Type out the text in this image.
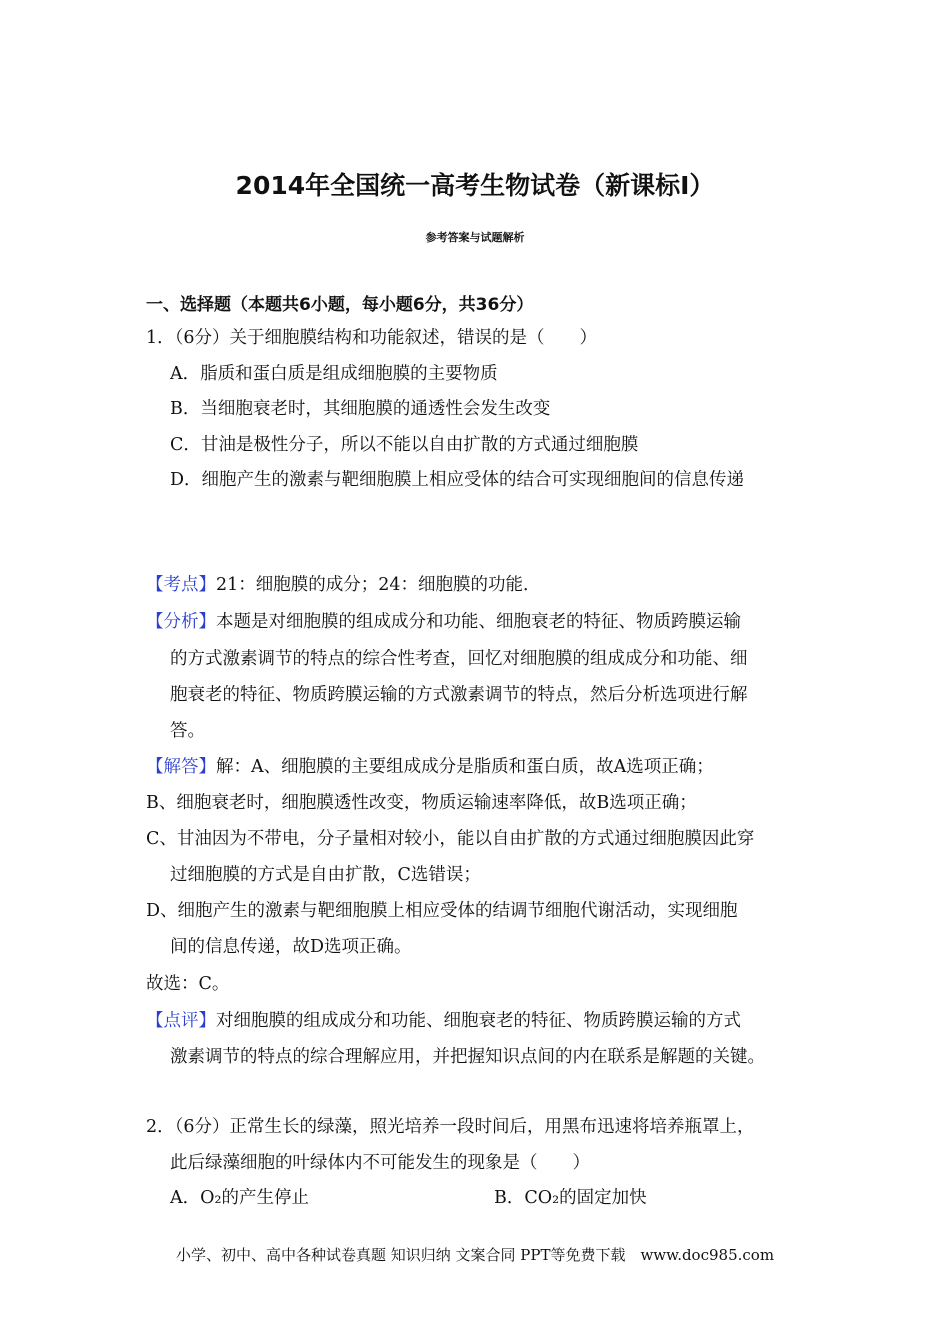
2014年全国统一高考生物试卷（新课标Ⅰ）
参考答案与试题解析
一、选择题（本题共6小题，每小题6分，共36分）
1．（6分）关于细胞膜结构和功能叙述，错误的是（　　）
A．脂质和蛋白质是组成细胞膜的主要物质
B．当细胞衰老时，其细胞膜的通透性会发生改变
C．甘油是极性分子，所以不能以自由扩散的方式通过细胞膜
D．细胞产生的激素与靶细胞膜上相应受体的结合可实现细胞间的信息传递
【考点】21：细胞膜的成分；24：细胞膜的功能．
【分析】本题是对细胞膜的组成成分和功能、细胞衰老的特征、物质跨膜运输
的方式激素调节的特点的综合性考查，回忆对细胞膜的组成成分和功能、细
胞衰老的特征、物质跨膜运输的方式激素调节的特点，然后分析选项进行解
答。
【解答】解：A、细胞膜的主要组成成分是脂质和蛋白质，故A选项正确；
B、细胞衰老时，细胞膜透性改变，物质运输速率降低，故B选项正确；
C、甘油因为不带电，分子量相对较小，能以自由扩散的方式通过细胞膜因此穿
过细胞膜的方式是自由扩散，C选错误；
D、细胞产生的激素与靶细胞膜上相应受体的结调节细胞代谢活动，实现细胞
间的信息传递，故D选项正确。
故选：C。
【点评】对细胞膜的组成成分和功能、细胞衰老的特征、物质跨膜运输的方式
激素调节的特点的综合理解应用，并把握知识点间的内在联系是解题的关键。
2．（6分）正常生长的绿藻，照光培养一段时间后，用黑布迅速将培养瓶罩上，
此后绿藻细胞的叶绿体内不可能发生的现象是（　　）
A．O₂的产生停止	B．CO₂的固定加快
小学、初中、高中各种试卷真题 知识归纳 文案合同 PPT等免费下载　www.doc985.com
